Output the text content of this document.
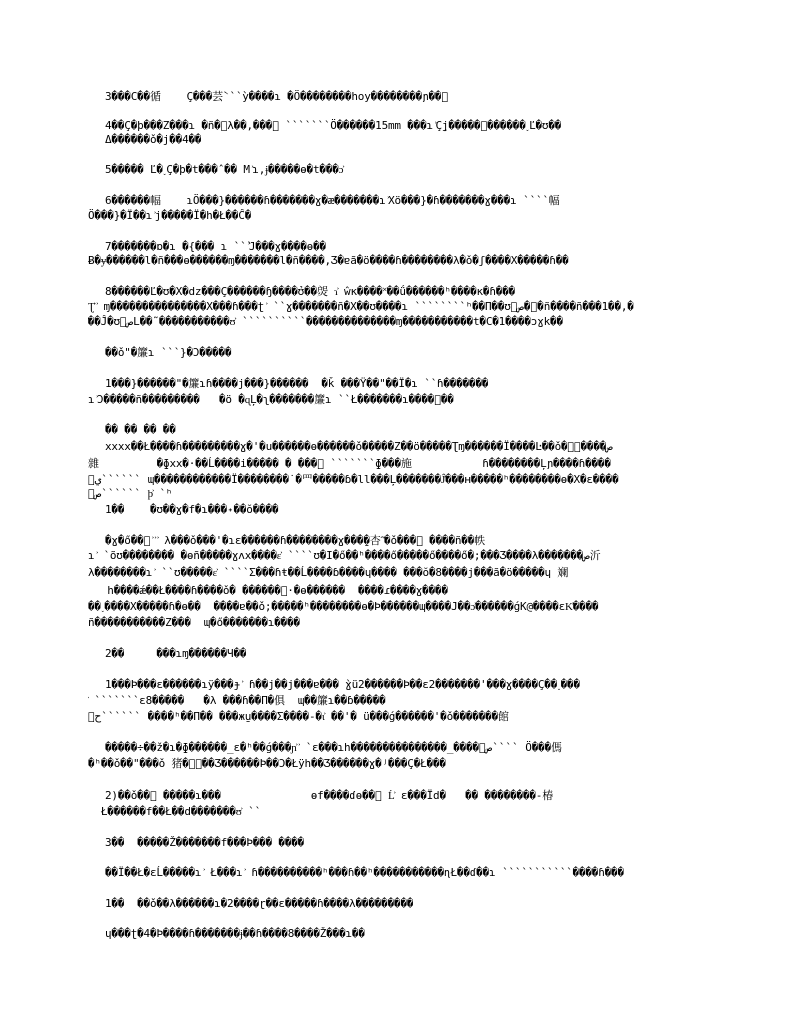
3���C��循    Ç���芸̀ ̀ ̀ ỳ����ɿ �Ö��������hoy��������ɲ��͐
4��Ç�þ���Z���ɿ �ñ�͐λ��,���͐ ̀ ̀ ̀ ̀ ̀ ̀ ̀ Ö������15mm ���ɿ ͐Ç̧j�����͐������˯Ľ�ʊ��
Δ������ǒ�j��4��
5����� Ľ�˯Ç�þ�t���̂ �� M ͐ɿ,ɉ�����ɵ�t���ɔ͐
6������幅    ɿÖ���}������ɦ�������ɣ�æ�������ɿ ͐Xö���}�ɦ�������ɣ���ɿ ̀ ̀ ̀ ̀ 幅
Ö���}�Ï��ɿ ͐j�����Ï�h�Ł��Ĉ�
7�������ɒ�ɿ �{��� ɿ ̀ ̀ ̀ ͐J���ɣ����ɵ��
Ƀ�ɏ������l�ñ���ɵ������ɱ�������l�ñ����,Ʒ�ɐã�ö����ɦ��������λ�ǒ�ʃ����X�����ɦ��
8������Ľ�ʊ�X�dz���Ç������ɧ����̉ʊ��焈 ɿ͐ ŵĸ����˟��ǘ������ʰ����ĸ�ɦ���
Ʈ͐ ͐ ɱ���������������X���ɦ���ʈ ͐ ̀ ̀ ɣ�������ñ�X��ʊ����ɿ ̀ ̀ ̀ ̀ ̀ ̀ ̀ ̀ ʰ��Π��ʊص͐��͐ñ����ñ���1��,�
͐��Ĵ�ʊص͐L��˜�����������ʊ͐ ̀ ̀ ̀ ̀ ̀ ̀ ̀ ̀ ̀ ̀ ��������������ɱ�����������t�C�1����ɔɣk��
��ǒ"�簾ɿ ̀ ̀ ̀ }�Ɔ�����
1���}������"�簾ɿɦ����j���}������  �ǩ ���Ÿ��"��Ï�ɿ ̀ ̀ ɦ�������
ɿ ͐Ɔ�����ñ���������   �ö �ɋĻ�ʅ�������簾ɿ ̀ ̀ Ł�������ɿ����͐��
�� �� �� ��
xxxx��Ł����ɦ���������ɣ�'�u������ɵ������ǒ�����Z��ö�����Ʈɱ������Ï����Ŀ��ǒ�갈͐����ص
雜         �ɸxx�·��Ĺ����i����� � ���͐ ̀ ̀ ̀ ̀ ̀ ̀ ̀ ɸ���施           ɦ��������Ļɲ����ɦ����
ي͐ ̀ ̀ ̀ ̀ ̀ ̀ ɰ������������Ï��������˙�罒�����ɓ�ll���Ļ�������Ĵ͐���ʜ�����ʰ��������ɵ�X�ɛ����
ص͐ ̀ ̀ ̀ ̀ ̀ ̀ þ͐ ̀ ʰ
1��    �ʊ��ɣ�f�ɿ���˖��ŏ����
�ɣ�ő��͐ ͐ ͐ ͐ λ���ǒ���'�ɿɛ������ɦ��������ɣ���̱�杏ˆ͐�ǒ���͐ ����ñ��帙
ɿ ͐ ̀ õʊ�������� �ɵñ�����ɣʌx����ɛ͐ ̀ ̀ ̀ ̀ ʊ�I�ő��ʰ����ő�����ő����ő�;���Ʒ����λ�������ص沂
λ��������ɿ ͐ ̀ ̀ ʊ�����ɛ͐ ̀ ̀ ̀ ̀ Σ���ɦŧ��Ĺ����ɓ����ɥ���� ���ŏ�8����j���ã�ö�����ɥ 斓
h����ǽ��Ł����ɦ����ǒ� ������͐·�ɵ������  ����ɾ����ɣ����
��˯����X�����ɦ�ɵ��  ����ɐ��ǒ;�����ʰ��������ɵ�Þ������ɰ����J��ɔ͐������ǵK@����ɛK͐����
ñ�����������Z���  ɰ�ő�������ɿ����
2��     ���ɿɱ������Ч��
1���Þ���ɛ������ɿÿ���ɟ ͐ ɦ��j��j���ɐ��� ̀ɣü2������Þ��ɛ2�������'���ɣ����Ç��˯���
͐ ̀ ̀ ̀ ̀ ̀ ̀ ̀ ɛ8�����   �λ ���ɦ��Π�俱  ɰ��簾ɿ��ɓ�����
ح͐ ̀ ̀ ̀ ̀ ̀ ̀ ����ʰ��Π�� ���жu̱����Σ����-�ɩ͐ ��'� ü���ǵ������'�ǒ�������館
�����÷��ž�ɿ�ɸ������_ɛ�ʰ��ǵ���ɲ͐ ͐ ̀ ɛ���ɿh���������������_����ص͐ ̀ ̀ ̀ ̀ Ö���傌
�ʰ��ǒ��"���ǒ 猪�犮͐��Ʒ������Þ��Ɔ�Łÿh��Ʒ������ɣ�ʲ���Ç�Ł���
2)��ǒ��͐ �����ɿ���              ɵf����ɗɵ��͐ Ĺ͐ ɛ���Ïd�   �� ��������-椿
Ł������f��Ł��d�������ʊ͐ ̀ ̀
3��  �����Ž�������f���Þ��� ����
��Ï��Ł�ɛĹ�����ɿ ͐ Ł���ɿ ͐ ɦ����������ʰ���ɦ��ʰ�����������ɳŁ��ɗ��ɿ ̀ ̀ ̀ ̀ ̀ ̀ ̀ ̀ ̀ ̀ ̀ ����ɦ���
1��  ��ǒ��λ������ɿ�2����ɽ��ɛ�����ɦ����λ���������
ɥ���ʈ�4�Þ����ɦ�������ɉ��ɦ����8����Ž���ɿ��
